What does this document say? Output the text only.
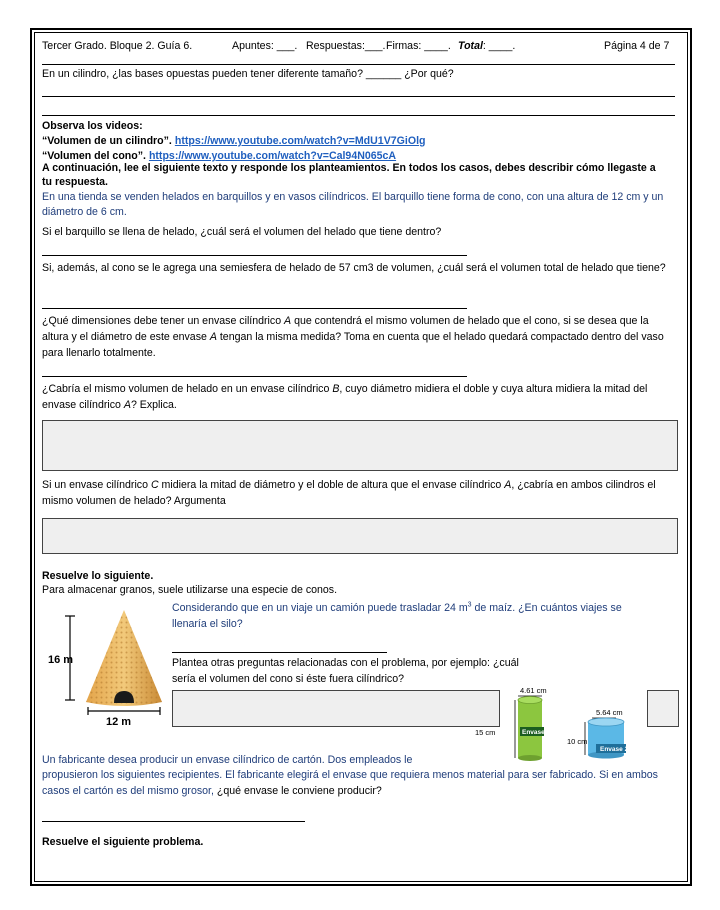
Tercer Grado. Bloque 2. Guía 6.	Apuntes: ___. Respuestas:___. Firmas: ____. Total: ____.	Página 4 de 7
En un cilindro, ¿las bases opuestas pueden tener diferente tamaño? ______ ¿Por qué?
Observa los videos:
“Volumen de un cilindro”. https://www.youtube.com/watch?v=MdU1V7GiOlg
“Volumen del cono”. https://www.youtube.com/watch?v=Cal94N065cA
A continuación, lee el siguiente texto y responde los planteamientos. En todos los casos, debes describir cómo llegaste a tu respuesta.
En una tienda se venden helados en barquillos y en vasos cilíndricos. El barquillo tiene forma de cono, con una altura de 12 cm y un diámetro de 6 cm.
Si el barquillo se llena de helado, ¿cuál será el volumen del helado que tiene dentro?
Si, además, al cono se le agrega una semiesfera de helado de 57 cm3 de volumen, ¿cuál será el volumen total de helado que tiene?
¿Qué dimensiones debe tener un envase cilíndrico A que contendrá el mismo volumen de helado que el cono, si se desea que la altura y el diámetro de este envase A tengan la misma medida? Toma en cuenta que el helado quedará compactado dentro del vaso para llenarlo totalmente.
¿Cabría el mismo volumen de helado en un envase cilíndrico B, cuyo diámetro midiera el doble y cuya altura midiera la mitad del envase cilíndrico A? Explica.
Si un envase cilíndrico C midiera la mitad de diámetro y el doble de altura que el envase cilíndrico A, ¿cabría en ambos cilindros el mismo volumen de helado? Argumenta
Resuelve lo siguiente.
Para almacenar granos, suele utilizarse una especie de conos.
16 m
12 m
Considerando que en un viaje un camión puede trasladar 24 $m^3$ de maíz. ¿En cuántos viajes se llenaría el silo?
Plantea otras preguntas relacionadas con el problema, por ejemplo: ¿cuál sería el volumen del cono si éste fuera cilíndrico?
4.61 cm
15 cm	Envase 1
5.64 cm
10 cm
Envase 2
Un fabricante desea producir un envase cilíndrico de cartón. Dos empleados le
propusieron los siguientes recipientes. El fabricante elegirá el envase que requiera menos material para ser fabricado. Si en ambos casos el cartón es del mismo grosor, ¿qué envase le conviene producir?
Resuelve el siguiente problema.
